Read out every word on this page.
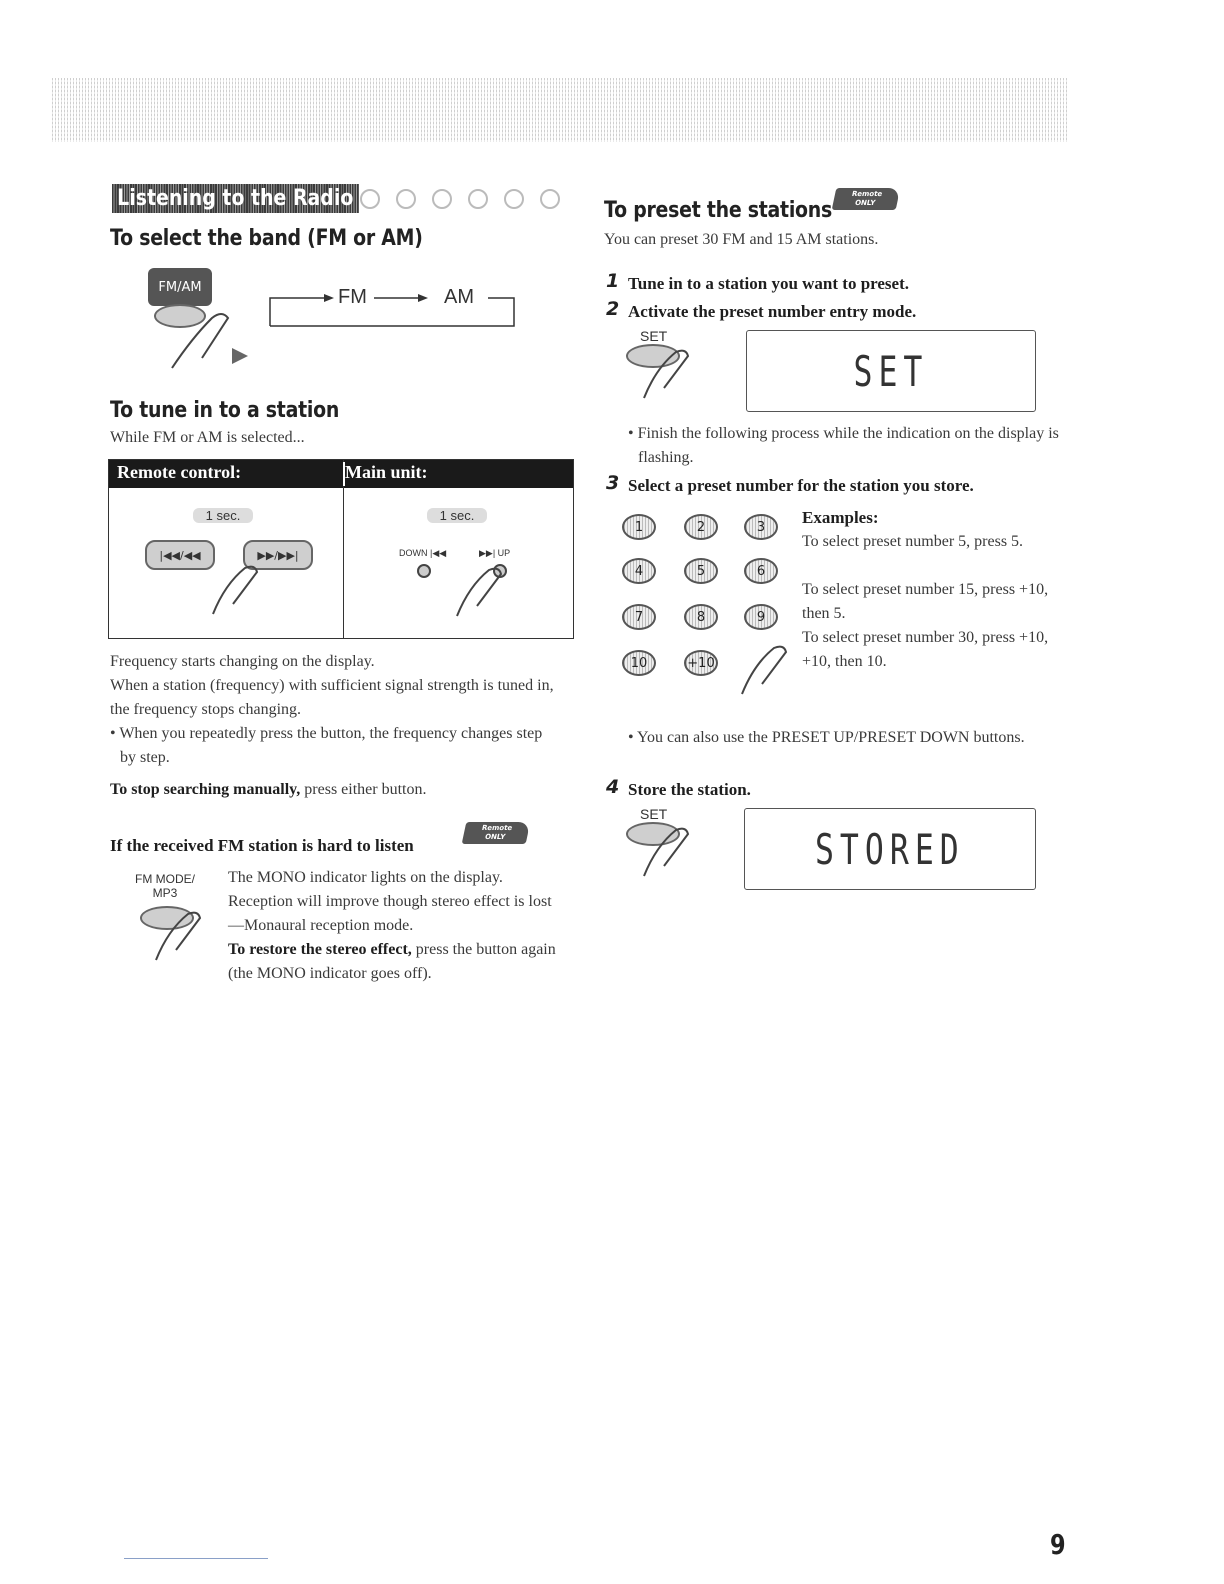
Listening to the Radio
To select the band (FM or AM)
FM/AM	FM	AM
To tune in to a station
While FM or AM is selected...
Remote control:	Main unit:
1 sec.
|◀◀/◀◀	▶▶/▶▶|
1 sec.
DOWN |◀◀	▶▶| UP
Frequency starts changing on the display.
When a station (frequency) with sufficient signal strength is tuned in, the frequency stops changing.
• When you repeatedly press the button, the frequency changes step by step.
To stop searching manually, press either button.
If the received FM station is hard to listen
Remote
ONLY
FM MODE/
MP3
The MONO indicator lights on the display. Reception will improve though stereo effect is lost—Monaural reception mode.
To restore the stereo effect, press the button again (the MONO indicator goes off).
To preset the stations
Remote
ONLY
You can preset 30 FM and 15 AM stations.
1 Tune in to a station you want to preset.
2 Activate the preset number entry mode.
SET
SET
• Finish the following process while the indication on the display is flashing.
3 Select a preset number for the station you store.
1	2	3
4	5	6
7	8	9
10	+10
Examples:
To select preset number 5, press 5.
To select preset number 15, press +10, then 5.
To select preset number 30, press +10, +10, then 10.
• You can also use the PRESET UP/PRESET DOWN buttons.
4 Store the station.
SET
STORED
9
